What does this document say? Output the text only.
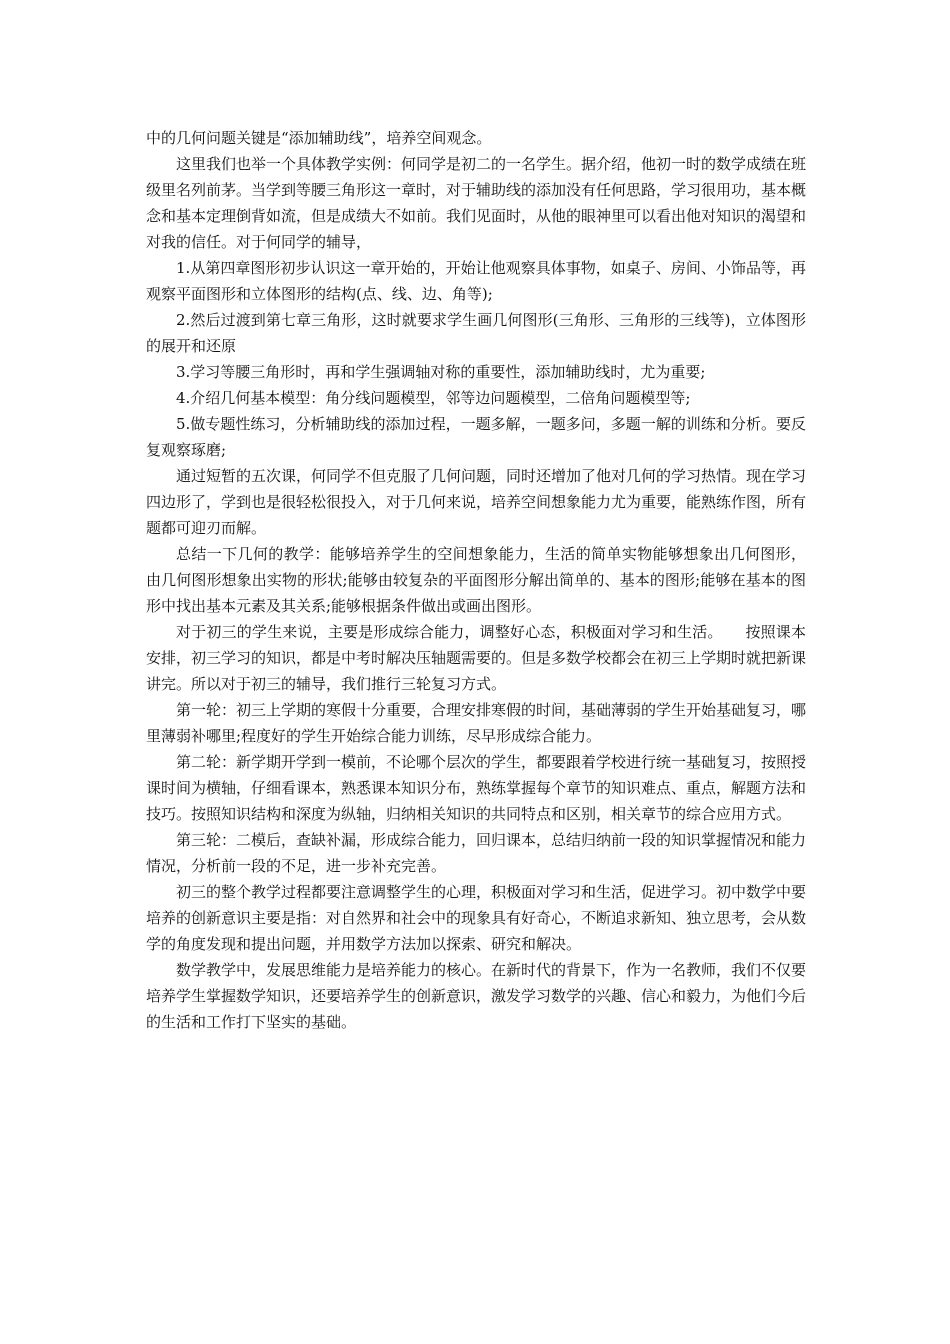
中的几何问题关键是“添加辅助线”，培养空间观念。

这里我们也举一个具体教学实例：何同学是初二的一名学生。据介绍，他初一时的数学成绩在班级里名列前茅。当学到等腰三角形这一章时，对于辅助线的添加没有任何思路，学习很用功，基本概念和基本定理倒背如流，但是成绩大不如前。我们见面时，从他的眼神里可以看出他对知识的渴望和对我的信任。对于何同学的辅导，

1.从第四章图形初步认识这一章开始的，开始让他观察具体事物，如桌子、房间、小饰品等，再观察平面图形和立体图形的结构(点、线、边、角等);

2.然后过渡到第七章三角形，这时就要求学生画几何图形(三角形、三角形的三线等)，立体图形的展开和还原

3.学习等腰三角形时，再和学生强调轴对称的重要性，添加辅助线时，尤为重要;

4.介绍几何基本模型：角分线问题模型，邻等边问题模型，二倍角问题模型等;

5.做专题性练习，分析辅助线的添加过程，一题多解，一题多问，多题一解的训练和分析。要反复观察琢磨;

通过短暂的五次课，何同学不但克服了几何问题，同时还增加了他对几何的学习热情。现在学习四边形了，学到也是很轻松很投入，对于几何来说，培养空间想象能力尤为重要，能熟练作图，所有题都可迎刃而解。

总结一下几何的教学：能够培养学生的空间想象能力，生活的简单实物能够想象出几何图形， 由几何图形想象出实物的形状;能够由较复杂的平面图形分解出简单的、基本的图形;能够在基本的图形中找出基本元素及其关系;能够根据条件做出或画出图形。

对于初三的学生来说，主要是形成综合能力，调整好心态，积极面对学习和生活。　　按照课本安排，初三学习的知识，都是中考时解决压轴题需要的。但是多数学校都会在初三上学期时就把新课讲完。所以对于初三的辅导，我们推行三轮复习方式。

第一轮：初三上学期的寒假十分重要，合理安排寒假的时间，基础薄弱的学生开始基础复习，哪里薄弱补哪里;程度好的学生开始综合能力训练，尽早形成综合能力。

第二轮：新学期开学到一模前，不论哪个层次的学生，都要跟着学校进行统一基础复习，按照授课时间为横轴，仔细看课本，熟悉课本知识分布，熟练掌握每个章节的知识难点、重点，解题方法和技巧。按照知识结构和深度为纵轴，归纳相关知识的共同特点和区别，相关章节的综合应用方式。

第三轮：二模后，查缺补漏，形成综合能力，回归课本，总结归纳前一段的知识掌握情况和能力情况，分析前一段的不足，进一步补充完善。

初三的整个教学过程都要注意调整学生的心理，积极面对学习和生活，促进学习。初中数学中要培养的创新意识主要是指：对自然界和社会中的现象具有好奇心，不断追求新知、独立思考，会从数学的角度发现和提出问题，并用数学方法加以探索、研究和解决。

数学教学中，发展思维能力是培养能力的核心。在新时代的背景下，作为一名教师，我们不仅要培养学生掌握数学知识，还要培养学生的创新意识，激发学习数学的兴趣、信心和毅力，为他们今后的生活和工作打下坚实的基础。
